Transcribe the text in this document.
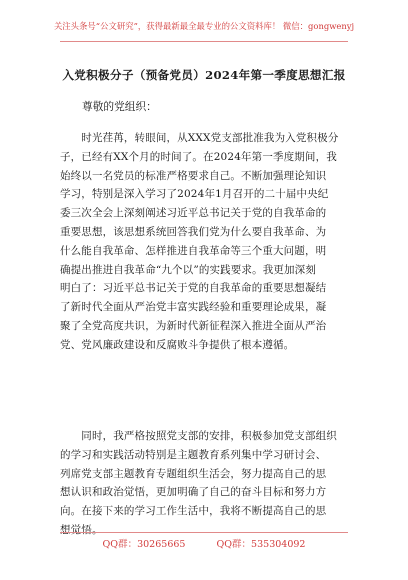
关注头条号“公文研究”，获得最新最全最专业的公文资料库！ 微信：gongwenyj
入党积极分子（预备党员）2024年第一季度思想汇报
尊敬的党组织：
　　时光荏苒，转眼间，从XXX党支部批准我为入党积极分
子，已经有XX个月的时间了。在2024年第一季度期间，我
始终以一名党员的标准严格要求自己。不断加强理论知识
学习，特别是深入学习了2024年1月召开的二十届中央纪
委三次全会上深刻阐述习近平总书记关于党的自我革命的
重要思想，该思想系统回答我们党为什么要自我革命、为
什么能自我革命、怎样推进自我革命等三个重大问题，明
确提出推进自我革命“九个以”的实践要求。我更加深刻
明白了：习近平总书记关于党的自我革命的重要思想凝结
了新时代全面从严治党丰富实践经验和重要理论成果，凝
聚了全党高度共识，为新时代新征程深入推进全面从严治
党、党风廉政建设和反腐败斗争提供了根本遵循。
　　同时，我严格按照党支部的安排，积极参加党支部组织
的学习和实践活动特别是主题教育系列集中学习研讨会、
列席党支部主题教育专题组织生活会，努力提高自己的思
想认识和政治觉悟，更加明确了自己的奋斗目标和努力方
向。在接下来的学习工作生活中，我将不断提高自己的思
想觉悟。
QQ群：30265665	QQ群：535304092
